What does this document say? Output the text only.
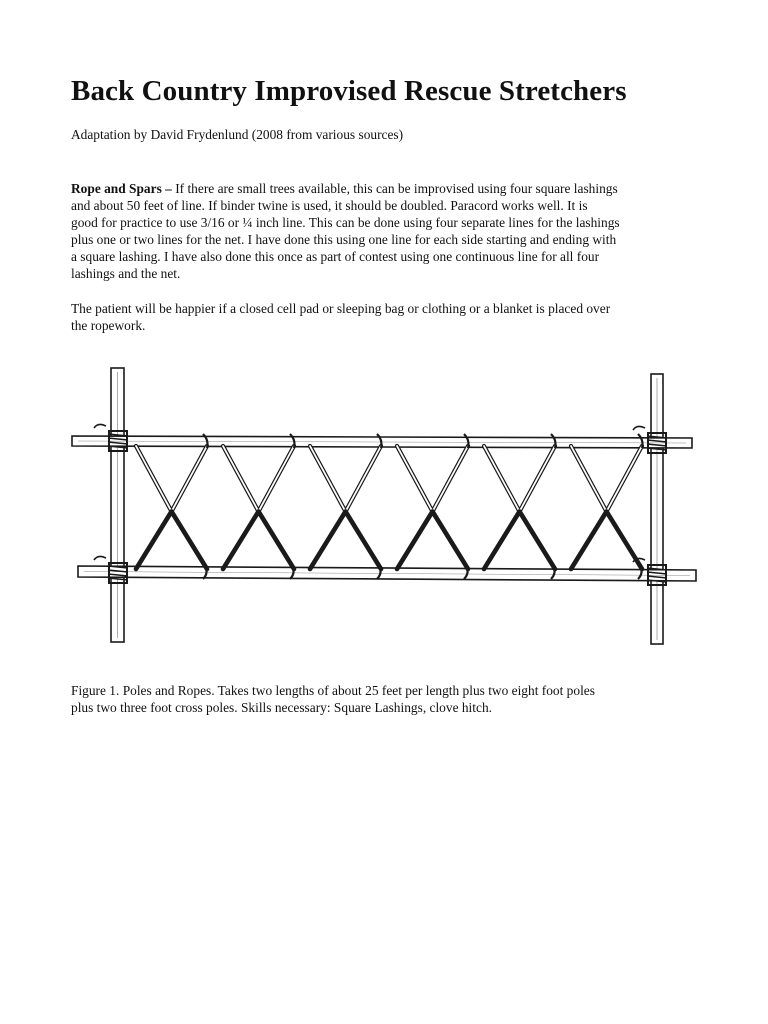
Back Country Improvised Rescue Stretchers

Adaptation by David Frydenlund (2008 from various sources)

Rope and Spars – If there are small trees available, this can be improvised using four square lashings
and about 50 feet of line. If binder twine is used, it should be doubled. Paracord works well. It is
good for practice to use 3/16 or ¼ inch line. This can be done using four separate lines for the lashings
plus one or two lines for the net. I have done this using one line for each side starting and ending with
a square lashing. I have also done this once as part of contest using one continuous line for all four
lashings and the net.
The patient will be happier if a closed cell pad or sleeping bag or clothing or a blanket is placed over
the ropework.
Figure 1. Poles and Ropes. Takes two lengths of about 25 feet per length plus two eight foot poles
plus two three foot cross poles. Skills necessary: Square Lashings, clove hitch.
